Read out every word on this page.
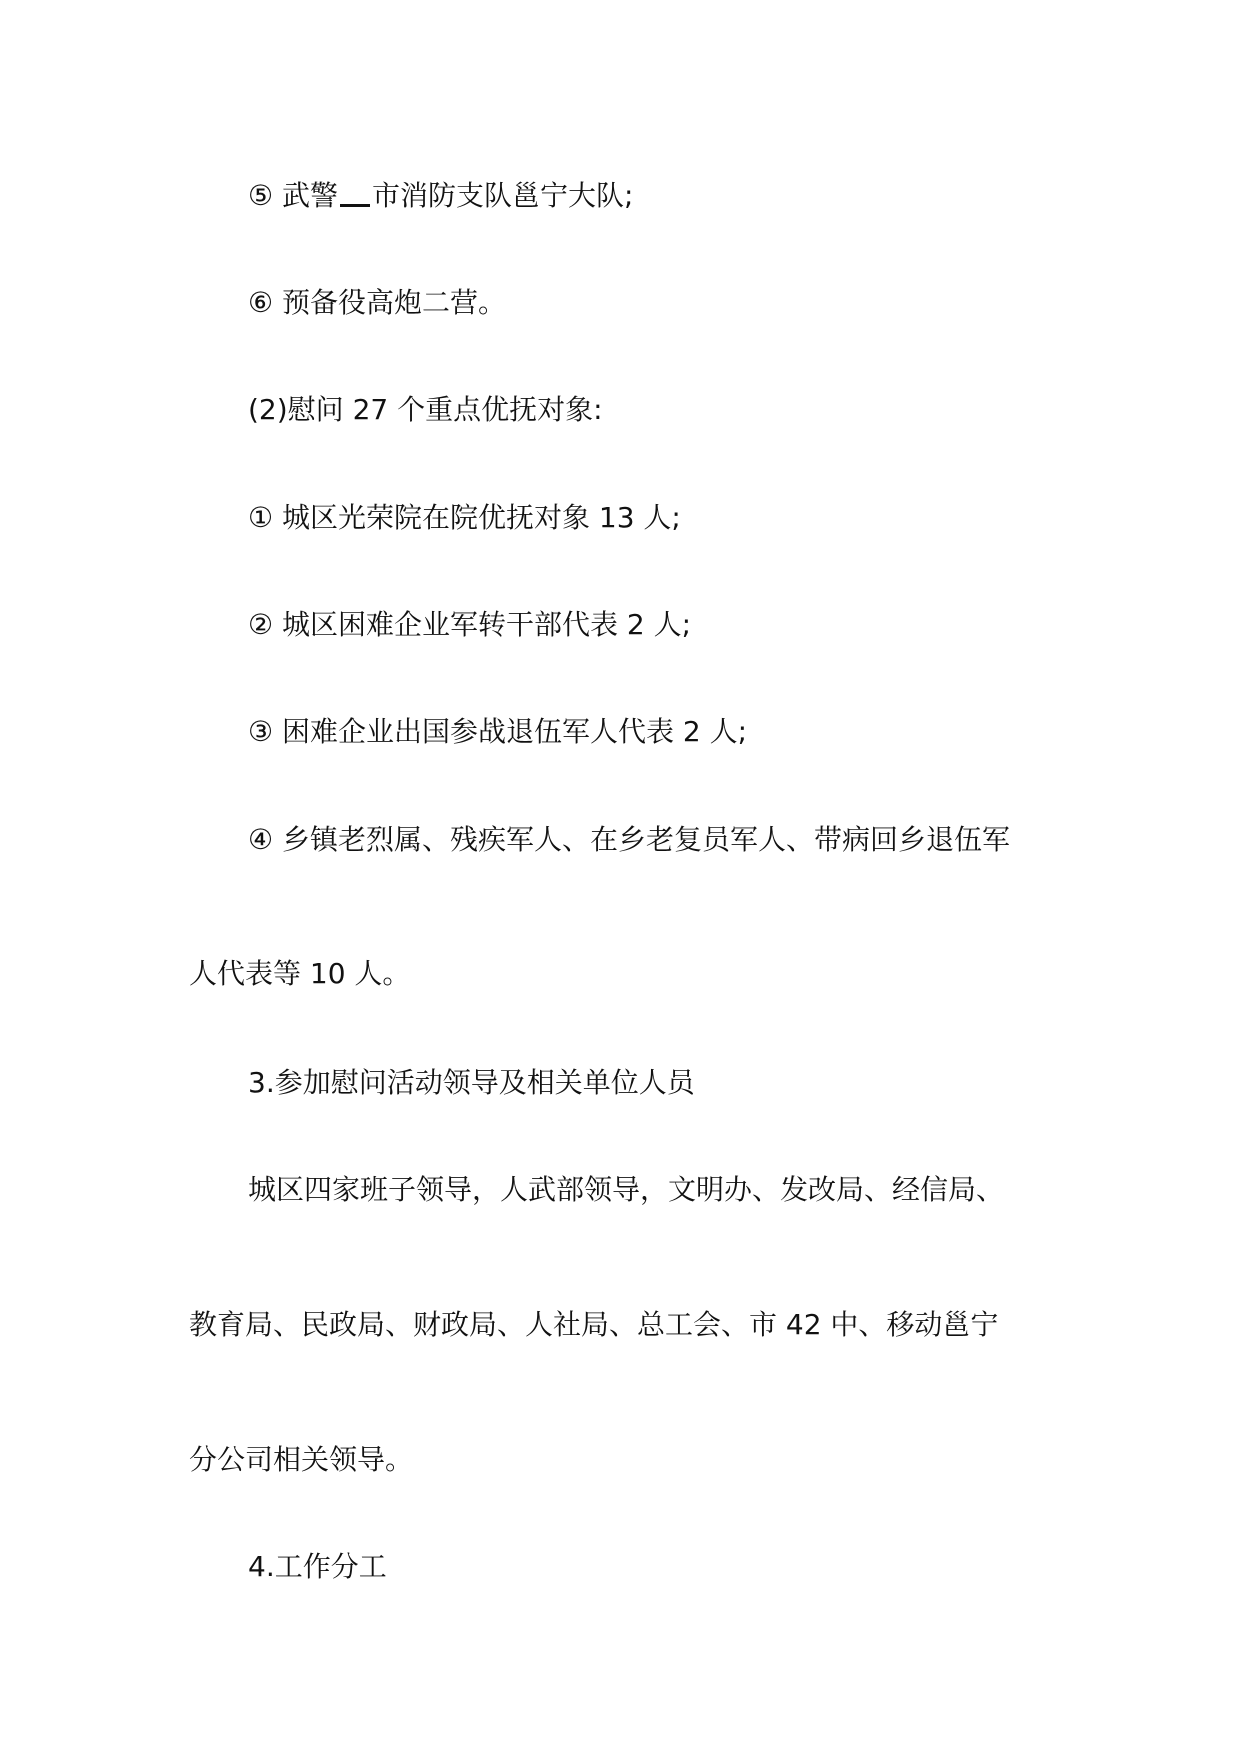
⑤ 武警 市消防支队邕宁大队;
⑥ 预备役高炮二营。
(2)慰问 27 个重点优抚对象:
① 城区光荣院在院优抚对象 13 人;
② 城区困难企业军转干部代表 2 人;
③ 困难企业出国参战退伍军人代表 2 人;
④ 乡镇老烈属、残疾军人、在乡老复员军人、带病回乡退伍军
人代表等 10 人。
3.参加慰问活动领导及相关单位人员
城区四家班子领导，人武部领导，文明办、发改局、经信局、
教育局、民政局、财政局、人社局、总工会、市 42 中、移动邕宁
分公司相关领导。
4.工作分工
